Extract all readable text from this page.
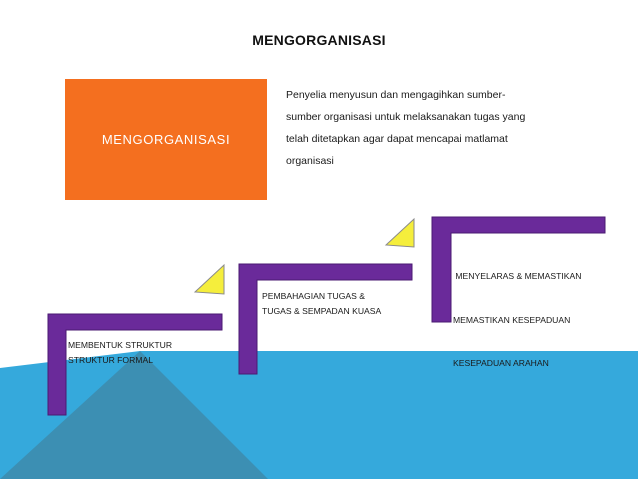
MENGORGANISASI
MENGORGANISASI
Penyelia menyusun dan mengagihkan sumber-
sumber organisasi untuk melaksanakan tugas yang
telah ditetapkan agar dapat mencapai matlamat
organisasi
MEMBENTUK STRUKTUR
STRUKTUR FORMAL
PEMBAHAGIAN TUGAS &
TUGAS & SEMPADAN KUASA

MENYELARAS & MEMASTIKAN

MEMASTIKAN KESEPADUAN

KESEPADUAN ARAHAN
